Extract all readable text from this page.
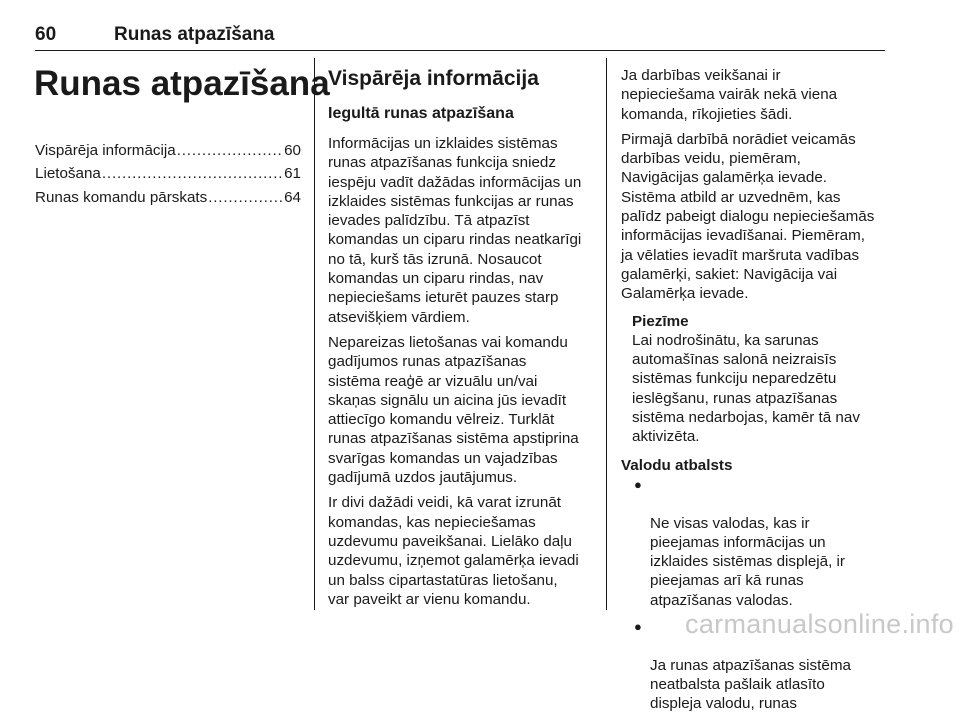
60	Runas atpazīšana
Runas atpazīšana
Vispārēja informācija . . .	60
Lietošana . . .	61
Runas komandu pārskats . . .	64
Vispārēja informācija
Iegultā runas atpazīšana

Informācijas un izklaides sistēmas
runas atpazīšanas funkcija sniedz
iespēju vadīt dažādas informācijas un
izklaides sistēmas funkcijas ar runas
ievades palīdzību. Tā atpazīst
komandas un ciparu rindas neatkarīgi
no tā, kurš tās izrunā. Nosaucot
komandas un ciparu rindas, nav
nepieciešams ieturēt pauzes starp
atsevišķiem vārdiem.

Nepareizas lietošanas vai komandu
gadījumos runas atpazīšanas
sistēma reaģē ar vizuālu un/vai
skaņas signālu un aicina jūs ievadīt
attiecīgo komandu vēlreiz. Turklāt
runas atpazīšanas sistēma apstiprina
svarīgas komandas un vajadzības
gadījumā uzdos jautājumus.

Ir divi dažādi veidi, kā varat izrunāt
komandas, kas nepieciešamas
uzdevumu paveikšanai. Lielāko daļu
uzdevumu, izņemot galamērķa ievadi
un balss cipartastatūras lietošanu,
var paveikt ar vienu komandu.

Ja darbības veikšanai ir
nepieciešama vairāk nekā viena
komanda, rīkojieties šādi.

Pirmajā darbībā norādiet veicamās
darbības veidu, piemēram,
Navigācijas galamērķa ievade.
Sistēma atbild ar uzvednēm, kas
palīdz pabeigt dialogu nepieciešamās
informācijas ievadīšanai. Piemēram,
ja vēlaties ievadīt maršruta vadības
galamērķi, sakiet: Navigācija vai
Galamērķa ievade.

Piezīme
Lai nodrošinātu, ka sarunas
automašīnas salonā neizraisīs
sistēmas funkciju neparedzētu
ieslēgšanu, runas atpazīšanas
sistēma nedarbojas, kamēr tā nav
aktivizēta.
Valodu atbalsts

●

Ne visas valodas, kas ir
pieejamas informācijas un
izklaides sistēmas displejā, ir
pieejamas arī kā runas
atpazīšanas valodas.

●

Ja runas atpazīšanas sistēma
neatbalsta pašlaik atlasīto
displeja valodu, runas

carmanualsonline.info
